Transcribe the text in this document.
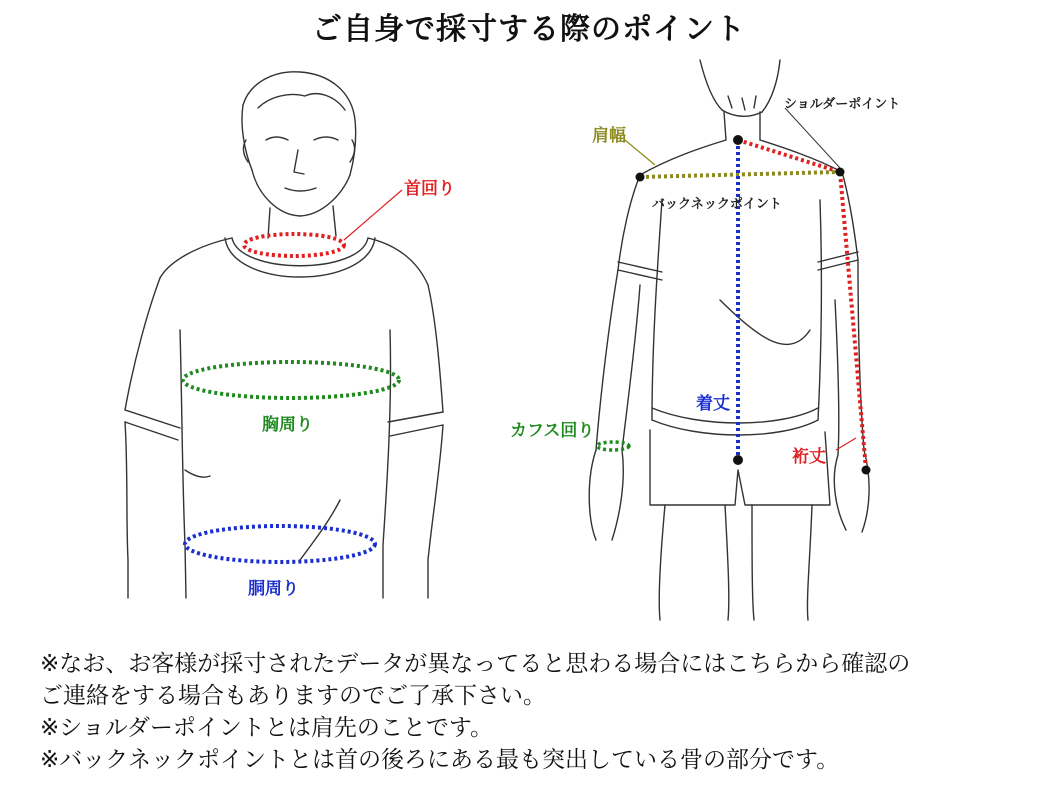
ご自身で採寸する際のポイント
首回り
胸周り
胴周り
ショルダーポイント
肩幅
バックネックポイント
着丈
カフス回り
裄丈
※なお、お客様が採寸されたデータが異なってると思わる場合にはこちらから確認の
ご連絡をする場合もありますのでご了承下さい。
※ショルダーポイントとは肩先のことです。
※バックネックポイントとは首の後ろにある最も突出している骨の部分です。
